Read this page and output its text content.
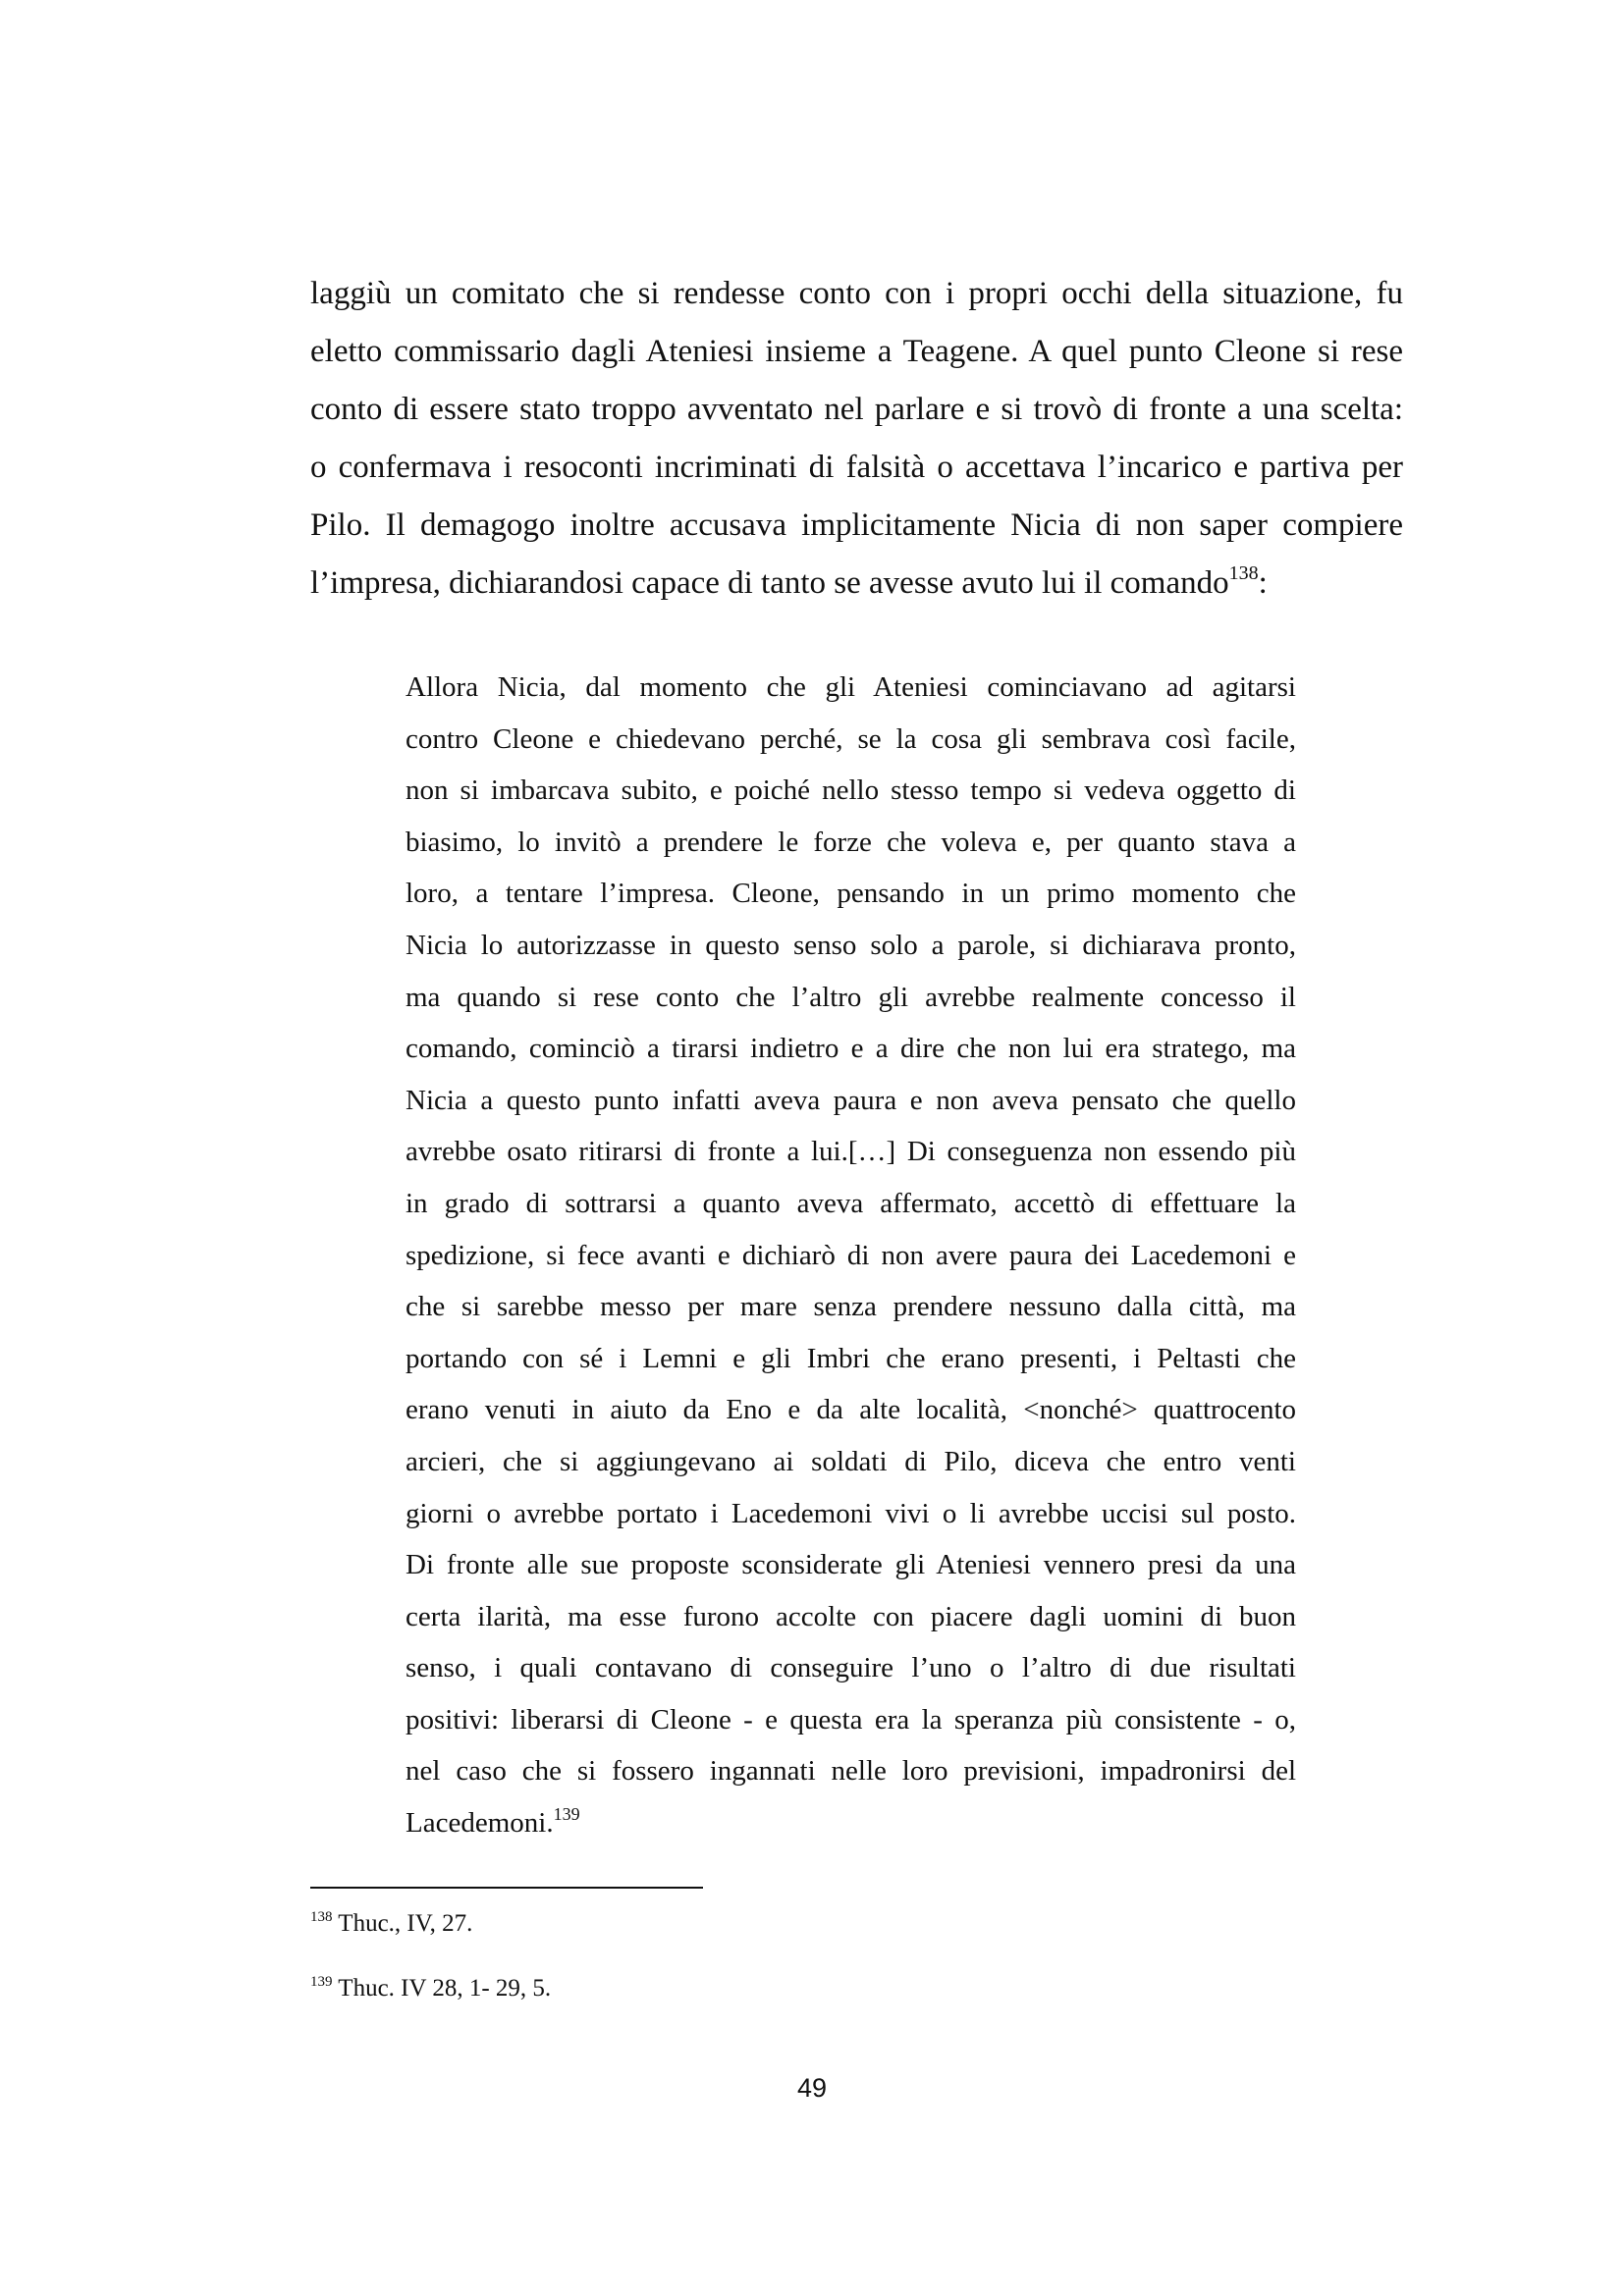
laggiù un comitato che si rendesse conto con i propri occhi della situazione, fu
eletto commissario dagli Ateniesi insieme a Teagene. A quel punto Cleone si rese
conto di essere stato troppo avventato nel parlare e si trovò di fronte a una scelta:
o confermava i resoconti incriminati di falsità o accettava l’incarico e partiva per
Pilo. Il demagogo inoltre accusava implicitamente Nicia di non saper compiere
l’impresa, dichiarandosi capace di tanto se avesse avuto lui il comando$^{138}$:

Allora Nicia, dal momento che gli Ateniesi cominciavano ad agitarsi
contro Cleone e chiedevano perché, se la cosa gli sembrava così facile,
non si imbarcava subito, e poiché nello stesso tempo si vedeva oggetto di
biasimo, lo invitò a prendere le forze che voleva e, per quanto stava a
loro, a tentare l’impresa. Cleone, pensando in un primo momento che
Nicia lo autorizzasse in questo senso solo a parole, si dichiarava pronto,
ma quando si rese conto che l’altro gli avrebbe realmente concesso il
comando, cominciò a tirarsi indietro e a dire che non lui era stratego, ma
Nicia a questo punto infatti aveva paura e non aveva pensato che quello
avrebbe osato ritirarsi di fronte a lui.[…] Di conseguenza non essendo più
in grado di sottrarsi a quanto aveva affermato, accettò di effettuare la
spedizione, si fece avanti e dichiarò di non avere paura dei Lacedemoni e
che si sarebbe messo per mare senza prendere nessuno dalla città, ma
portando con sé i Lemni e gli Imbri che erano presenti, i Peltasti che
erano venuti in aiuto da Eno e da alte località, <nonché> quattrocento
arcieri, che si aggiungevano ai soldati di Pilo, diceva che entro venti
giorni o avrebbe portato i Lacedemoni vivi o li avrebbe uccisi sul posto.
Di fronte alle sue proposte sconsiderate gli Ateniesi vennero presi da una
certa ilarità, ma esse furono accolte con piacere dagli uomini di buon
senso, i quali contavano di conseguire l’uno o l’altro di due risultati
positivi: liberarsi di Cleone - e questa era la speranza più consistente - o,
nel caso che si fossero ingannati nelle loro previsioni, impadronirsi del
Lacedemoni.$^{139}$

$^{138}$ Thuc., IV, 27.
$^{139}$ Thuc. IV 28, 1- 29, 5.
49
